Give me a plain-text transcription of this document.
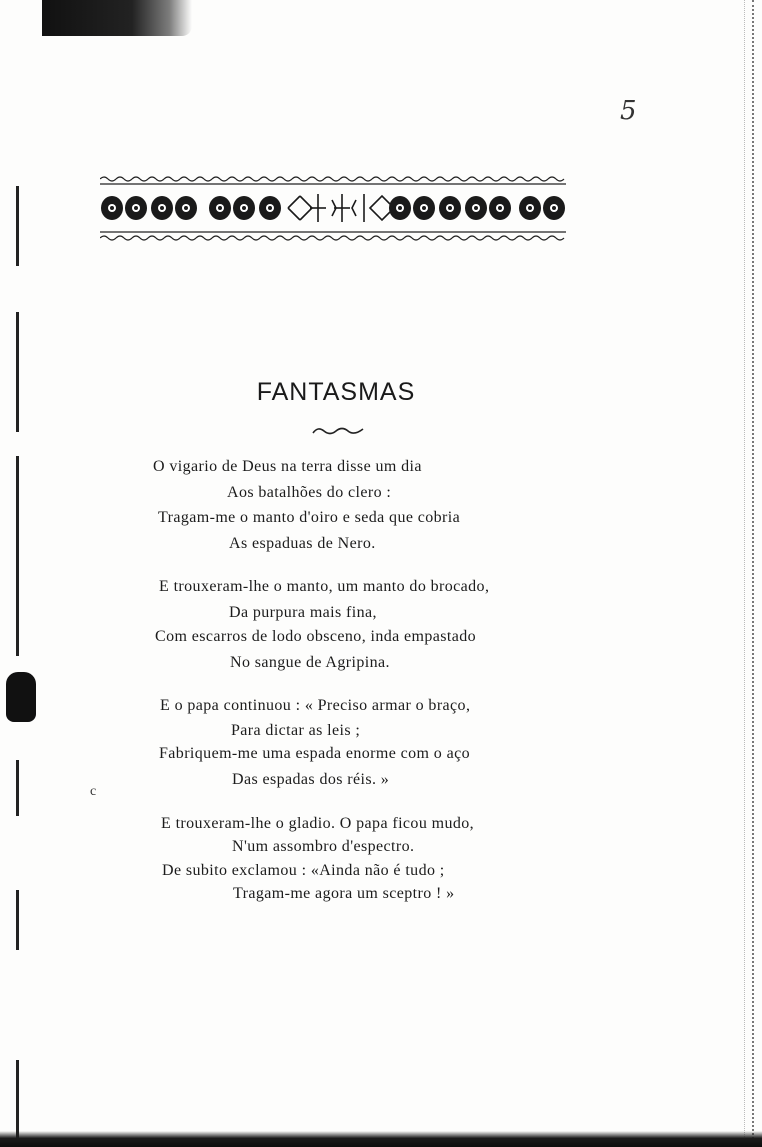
5
FANTASMAS
O vigario de Deus na terra disse um dia
Aos batalhões do clero :
Tragam-me o manto d'oiro e seda que cobria
As espaduas de Nero.
E trouxeram-lhe o manto, um manto do brocado,
Da purpura mais fina,
Com escarros de lodo obsceno, inda empastado
No sangue de Agripina.
E o papa continuou : « Preciso armar o braço,
Para dictar as leis ;
Fabriquem-me uma espada enorme com o aço
Das espadas dos réis. »
E trouxeram-lhe o gladio. O papa ficou mudo,
N'um assombro d'espectro.
De subito exclamou : «Ainda não é tudo ;
Tragam-me agora um sceptro ! »
c
